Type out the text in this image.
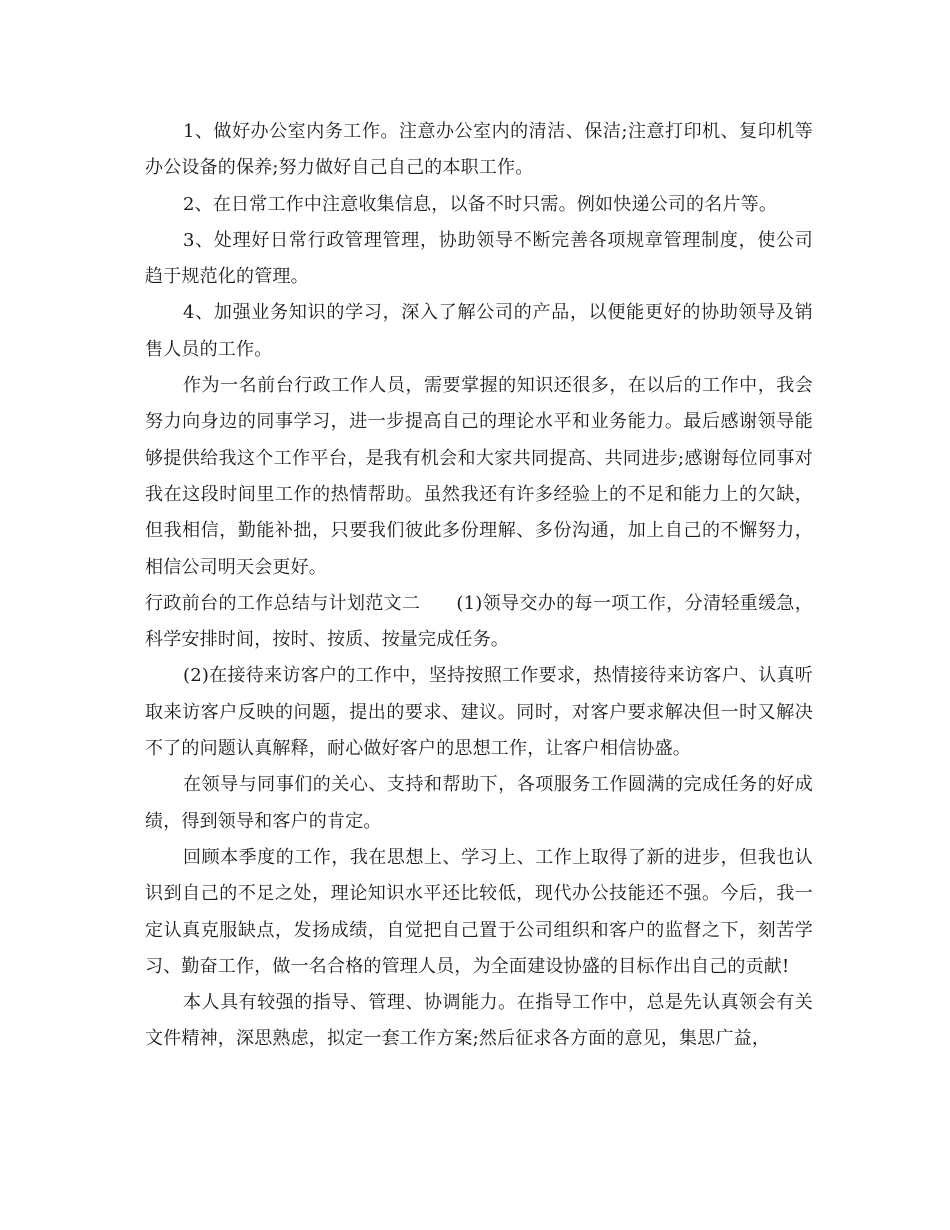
1、做好办公室内务工作。注意办公室内的清洁、保洁;注意打印机、复印机等办公设备的保养;努力做好自己自己的本职工作。

2、在日常工作中注意收集信息，以备不时只需。例如快递公司的名片等。

3、处理好日常行政管理管理，协助领导不断完善各项规章管理制度，使公司趋于规范化的管理。

4、加强业务知识的学习，深入了解公司的产品，以便能更好的协助领导及销售人员的工作。

作为一名前台行政工作人员，需要掌握的知识还很多，在以后的工作中，我会努力向身边的同事学习，进一步提高自己的理论水平和业务能力。最后感谢领导能够提供给我这个工作平台，是我有机会和大家共同提高、共同进步;感谢每位同事对我在这段时间里工作的热情帮助。虽然我还有许多经验上的不足和能力上的欠缺，但我相信，勤能补拙，只要我们彼此多份理解、多份沟通，加上自己的不懈努力，相信公司明天会更好。

行政前台的工作总结与计划范文二 (1)领导交办的每一项工作，分清轻重缓急，科学安排时间，按时、按质、按量完成任务。

(2)在接待来访客户的工作中，坚持按照工作要求，热情接待来访客户、认真听取来访客户反映的问题，提出的要求、建议。同时，对客户要求解决但一时又解决不了的问题认真解释，耐心做好客户的思想工作，让客户相信协盛。

在领导与同事们的关心、支持和帮助下，各项服务工作圆满的完成任务的好成绩，得到领导和客户的肯定。

回顾本季度的工作，我在思想上、学习上、工作上取得了新的进步，但我也认识到自己的不足之处，理论知识水平还比较低，现代办公技能还不强。今后，我一定认真克服缺点，发扬成绩，自觉把自己置于公司组织和客户的监督之下，刻苦学习、勤奋工作，做一名合格的管理人员，为全面建设协盛的目标作出自己的贡献!

本人具有较强的指导、管理、协调能力。在指导工作中，总是先认真领会有关文件精神，深思熟虑，拟定一套工作方案;然后征求各方面的意见，集思广益，
